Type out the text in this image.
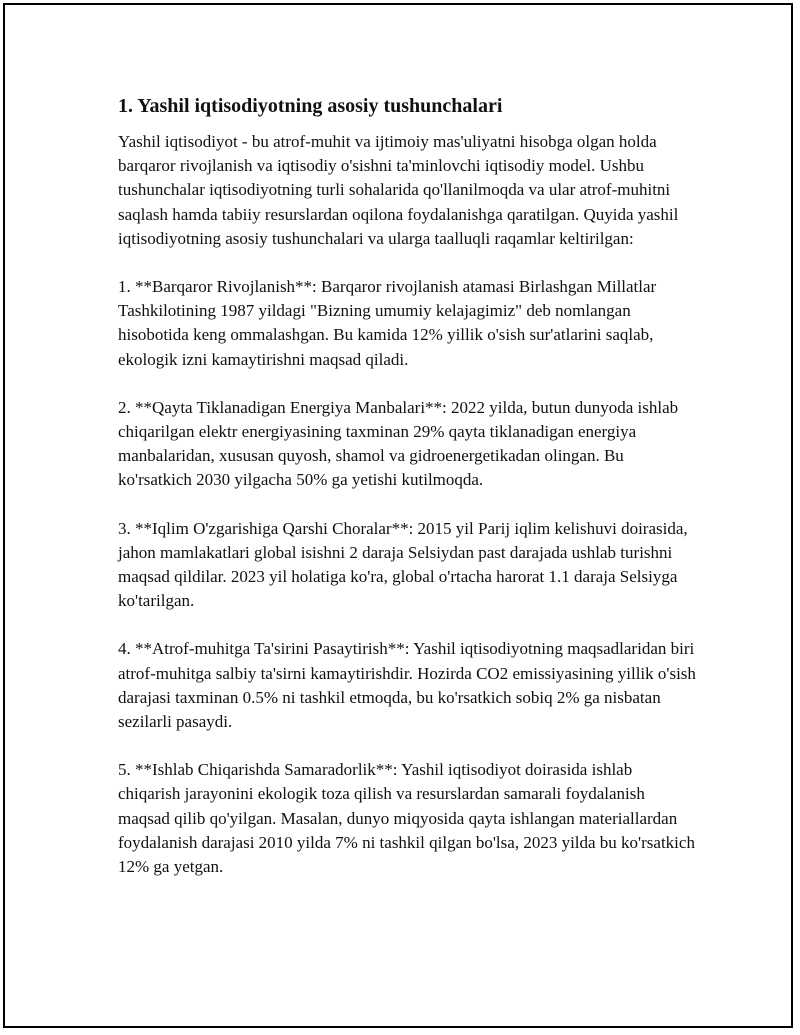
1. Yashil iqtisodiyotning asosiy tushunchalari

Yashil iqtisodiyot - bu atrof-muhit va ijtimoiy mas'uliyatni hisobga olgan holda barqaror rivojlanish va iqtisodiy o'sishni ta'minlovchi iqtisodiy model. Ushbu tushunchalar iqtisodiyotning turli sohalarida qo'llanilmoqda va ular atrof-muhitni saqlash hamda tabiiy resurslardan oqilona foydalanishga qaratilgan. Quyida yashil iqtisodiyotning asosiy tushunchalari va ularga taalluqli raqamlar keltirilgan:

1. **Barqaror Rivojlanish**: Barqaror rivojlanish atamasi Birlashgan Millatlar Tashkilotining 1987 yildagi "Bizning umumiy kelajagimiz" deb nomlangan hisobotida keng ommalashgan. Bu kamida 12% yillik o'sish sur'atlarini saqlab, ekologik izni kamaytirishni maqsad qiladi.

2. **Qayta Tiklanadigan Energiya Manbalari**: 2022 yilda, butun dunyoda ishlab chiqarilgan elektr energiyasining taxminan 29% qayta tiklanadigan energiya manbalaridan, xususan quyosh, shamol va gidroenergetikadan olingan. Bu ko'rsatkich 2030 yilgacha 50% ga yetishi kutilmoqda.

3. **Iqlim O'zgarishiga Qarshi Choralar**: 2015 yil Parij iqlim kelishuvi doirasida, jahon mamlakatlari global isishni 2 daraja Selsiydan past darajada ushlab turishni maqsad qildilar. 2023 yil holatiga ko'ra, global o'rtacha harorat 1.1 daraja Selsiyga ko'tarilgan.

4. **Atrof-muhitga Ta'sirini Pasaytirish**: Yashil iqtisodiyotning maqsadlaridan biri atrof-muhitga salbiy ta'sirni kamaytirishdir. Hozirda CO2 emissiyasining yillik o'sish darajasi taxminan 0.5% ni tashkil etmoqda, bu ko'rsatkich sobiq 2% ga nisbatan sezilarli pasaydi.

5. **Ishlab Chiqarishda Samaradorlik**: Yashil iqtisodiyot doirasida ishlab chiqarish jarayonini ekologik toza qilish va resurslardan samarali foydalanish maqsad qilib qo'yilgan. Masalan, dunyo miqyosida qayta ishlangan materiallardan foydalanish darajasi 2010 yilda 7% ni tashkil qilgan bo'lsa, 2023 yilda bu ko'rsatkich 12% ga yetgan.
